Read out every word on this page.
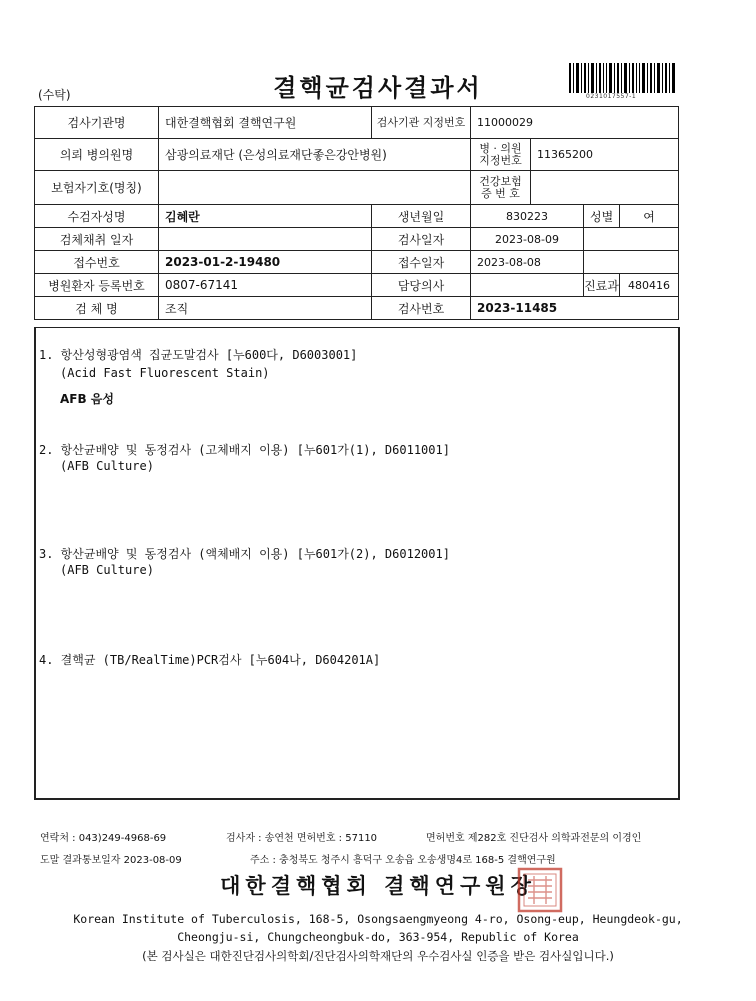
(수탁)	결핵균검사결과서	0231017557-1
검사기관명	대한결핵협회 결핵연구원	검사기관 지정번호	11000029			
의뢰 병의원명	삼광의료재단 (은성의료재단좋은강안병원)		병 · 의원 지정번호	11365200		
보험자기호(명칭)			건강보험 증 번 호			
수검자성명	김혜란	생년월일	830223		성별	여
검체채취 일자		검사일자	2023-08-09			
접수번호	2023-01-2-19480	접수일자	2023-08-08			
병원환자 등록번호	0807-67141	담당의사			진료과	480416
검 체 명	조직	검사번호	2023-11485			
1. 항산성형광염색 집균도말검사 [누600다, D6003001]
(Acid Fast Fluorescent Stain)
AFB 음성
2. 항산균배양 및 동정검사 (고체배지 이용) [누601가(1), D6011001]
(AFB Culture)
3. 항산균배양 및 동정검사 (액체배지 이용) [누601가(2), D6012001]
(AFB Culture)
4. 결핵균 (TB/RealTime)PCR검사 [누604나, D604201A]
연락처 : 043)249-4968-69	검사자 : 송연천 면허번호 : 57110	면허번호 제282호 진단검사 의학과전문의 이경인
도말 결과통보일자 2023-08-09	주소 : 충청북도 청주시 흥덕구 오송읍 오송생명4로 168-5 결핵연구원
대한결핵협회 결핵연구원장
Korean Institute of Tuberculosis, 168-5, Osongsaengmyeong 4-ro, Osong-eup, Heungdeok-gu,
Cheongju-si, Chungcheongbuk-do, 363-954, Republic of Korea
(본 검사실은 대한진단검사의학회/진단검사의학재단의 우수검사실 인증을 받은 검사실입니다.)
